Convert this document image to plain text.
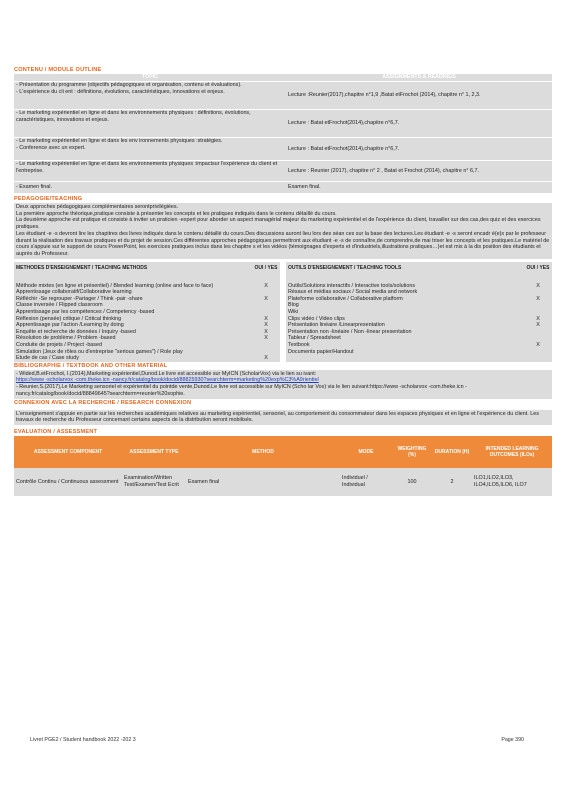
CONTENU / MODULE OUTLINE
TOPIC	ASSIGNMENTS & READINGS
- Présentation du programme (objectifs pédagogiques et organisation, contenu et évaluations).
- L'expérience du cli ent : définitions, évolutions, caractéristiques, innovations et enjeux.	Lecture :Reunier(2017),chapitre n°1,9 ,Batat etFrochot (2014), chapitre n° 1, 2,3.
- Le marketing expérientiel en ligne et dans les environnements physiques : définitions, évolutions, caractéristiques, innovations et enjeux.	Lecture : Batat etFrochot(2014),chapitre n°6,7.
- Le marketing expérientiel en ligne et dans les env ironnements physiques :stratégies.
- Conference avec un expert.	Lecture : Batat etFrochot(2014),chapitre n°6,7.
- Le marketing expérientiel en ligne et dans les environnements physiques :impactsur l'expérience du client et l'entreprise.	Lecture : Reunier (2017), chapitre n° 2 , Batat et Frochot (2014), chapitre n° 6,7.
- Examen final.	Examen final.
PEDAGOGIE/TEACHING

Deux approches pédagogiques complémentaires serontprivilégiées.

La première approche théorique,pratique consiste à présenter les concepts et les pratiques indiqués dans le contenu détaillé du cours.

La deuxième approche est pratique et consiste à inviter un praticien -expert pour aborder un aspect managérial majeur du marketing expérientiel et de l'expérience du client, travailler sur des cas,des quiz et des exercices pratiques.

Les étudiant -e -s devront lire les chapitres des livres indiqués dans le contenu détaillé du cours.Des discussions auront lieu lors des séan ces sur la base des lectures.Les étudiant -e -s seront encadr é(e)s par le professeur durant la réalisation des travaux pratiques et du projet de session.Ces différentes approches pédagogiques permettront aux étudiant -e -s de connaître,de comprendre,de mai triser les concepts et les pratiques.Le matériel de cours s'appuie sur le support de cours PowerPoint, les exercices pratiques inclus dans les chapitre s et les vidéos (témoignages d'experts et d'industriels,illustrations pratiques…)et est mis à la dis position des étudiants et auprès du Professeur.

METHODES D'ENSEIGNEMENT / TEACHING METHODS	OUI / YES		OUTILS D'ENSEIGNEMENT / TEACHING TOOLS	OUI / YES
Méthode mixtes (en ligne et présentiel) / Blended learning (online and face to face)	X		Outils/Solutions interactifs / Interactive tools/solutions	X
Apprentissage collaboratif/Collaborative learning			Résaux et médias sociaux / Social media and network	
Réfléchir -Se regrouper -Partager / Think -pair -share	X		Plateforme collaborative / Collaborative platform	X
Classe inversée / Flipped classroom			Blog	
Apprentissage par les compétences / Competency -based			Wiki	
Réflexion (pensée) critique / Critical thinking	X		Clips vidéo / Video clips	X
Apprentissage par l'action /Learning by doing	X		Présentation linéaire /Linearpresentation	X
Enquête et recherche de données / Inquiry -based	X		Présentation non -linéaire / Non -linear presentation	
Résolution de problème / Problem -based	X		Tableur / Spreadsheet	
Conduite de projets / Project -based			Textbook	X
Simulation (Jeux de rôles ou d'entreprise "serious games") / Role play			Documents papier/Handout	
Etude de cas / Case study	X			
BIBLIOGRAPHIE / TEXTBOOK AND OTHER MATERIAL

- Wided,B.etFrochot, I.(2014),Marketing expérientiel,Dunod.Le livre est accessible sur MyICN (ScholarVox) via le lien su ivant:

https://www -scholarvox -com.theke.icn -nancy.fr/catalog/book/docid/88825930?searchterm=marketing%20exp%C3%A9rientiel

- Reunier,S.(2017),Le Marketing sensoriel et expérientiel du pointde vente,Dunod.Le livre est accessible sur MyICN (Scho lar Vox) via le lien suivant:https://www -scholarvox -com.theke.icn -nancy.fr/catalog/book/docid/88849645?searchterm=reunier%20sophie.

CONNEXION AVEC LA RECHERCHE / RESEARCH CONNEXION
L'enseignement s'appuie en partie sur les recherches académiques relatives au marketing expérientiel, sensoriel, au comportement du consommateur dans les espaces physiques et en ligne et l'expérience du client. Les travaux de recherche du Professeur concernant certains aspects de la distribution seront mobilisés.
EVALUATION / ASSESSMENT
ASSESSMENT COMPONENT	ASSESSMENT TYPE	METHOD	MODE	WEIGHTING (%)	DURATION (H)	INTENDED LEARNING OUTCOMES (ILOs)
Contrôle Continu / Continuous assessment	Examination/Written Test/Examen/Test Ecrit	Examen final	Individuel / Individual	100	2	ILO1,ILO2,ILO3, ILO4,ILO5,ILO6, ILO7
Livret PGE2 / Student handbook 2022 -202 3	Page 390
